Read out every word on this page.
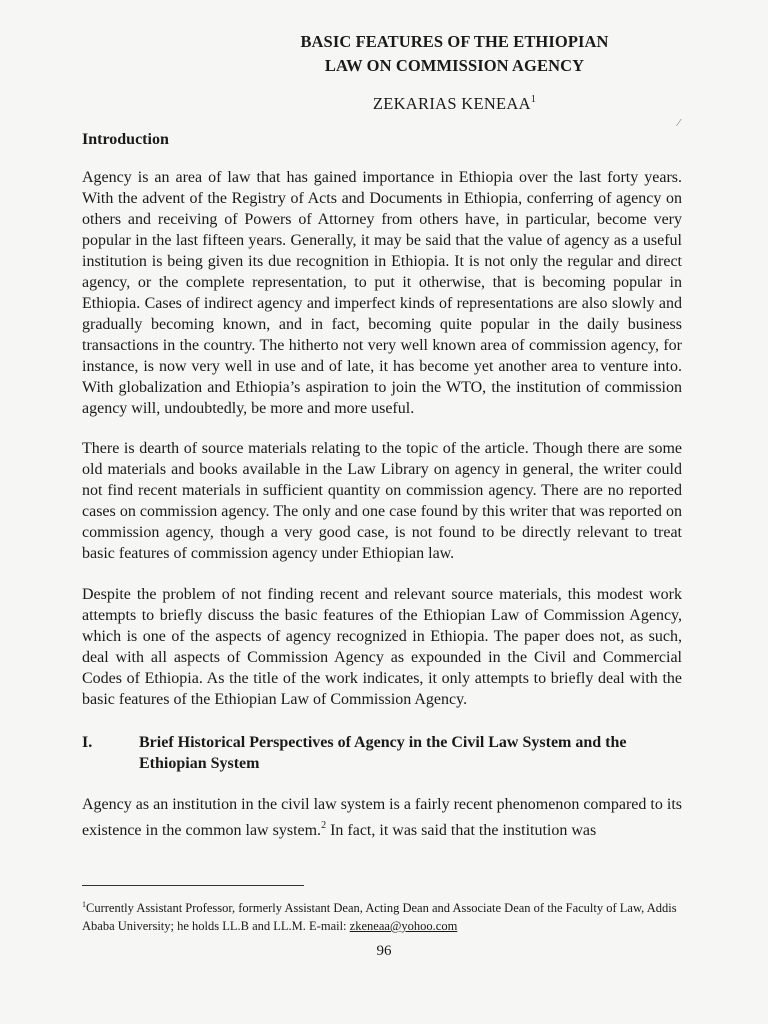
BASIC FEATURES OF THE ETHIOPIAN
LAW ON COMMISSION AGENCY
ZEKARIAS KENEAA$^1$
⁄
Introduction

Agency is an area of law that has gained importance in Ethiopia over the last forty years. With the advent of the Registry of Acts and Documents in Ethiopia, conferring of agency on others and receiving of Powers of Attorney from others have, in particular, become very popular in the last fifteen years. Generally, it may be said that the value of agency as a useful institution is being given its due recognition in Ethiopia. It is not only the regular and direct agency, or the complete representation, to put it otherwise, that is becoming popular in Ethiopia. Cases of indirect agency and imperfect kinds of representations are also slowly and gradually becoming known, and in fact, becoming quite popular in the daily business transactions in the country. The hitherto not very well known area of commission agency, for instance, is now very well in use and of late, it has become yet another area to venture into. With globalization and Ethiopia’s aspiration to join the WTO, the institution of commission agency will, undoubtedly, be more and more useful.

There is dearth of source materials relating to the topic of the article. Though there are some old materials and books available in the Law Library on agency in general, the writer could not find recent materials in sufficient quantity on commission agency. There are no reported cases on commission agency. The only and one case found by this writer that was reported on commission agency, though a very good case, is not found to be directly relevant to treat basic features of commission agency under Ethiopian law.

Despite the problem of not finding recent and relevant source materials, this modest work attempts to briefly discuss the basic features of the Ethiopian Law of Commission Agency, which is one of the aspects of agency recognized in Ethiopia. The paper does not, as such, deal with all aspects of Commission Agency as expounded in the Civil and Commercial Codes of Ethiopia. As the title of the work indicates, it only attempts to briefly deal with the basic features of the Ethiopian Law of Commission Agency.

I.	Brief Historical Perspectives of Agency in the Civil Law System and the Ethiopian System

Agency as an institution in the civil law system is a fairly recent phenomenon compared to its existence in the common law system.$^2$ In fact, it was said that the institution was

$^1$Currently Assistant Professor, formerly Assistant Dean, Acting Dean and Associate Dean of the Faculty of Law, Addis Ababa University; he holds LL.B and LL.M. E-mail: zkeneaa@yohoo.com

96
